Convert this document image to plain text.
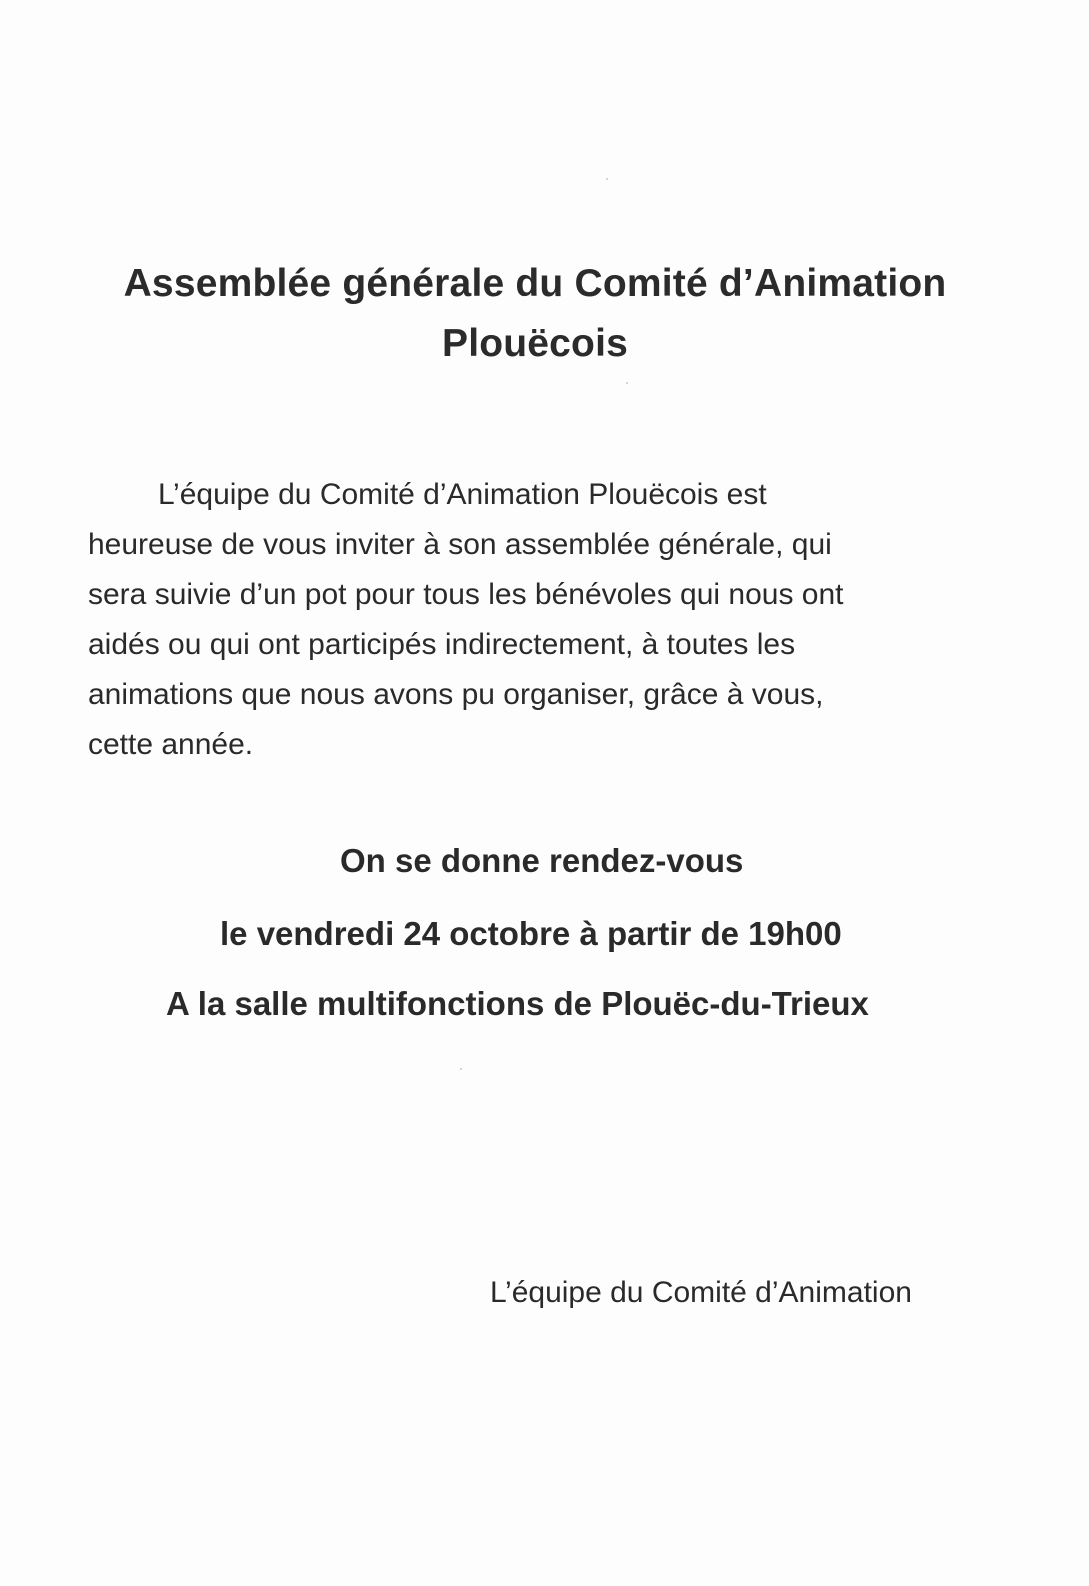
Assemblée générale du Comité d’Animation
Plouëcois
L’équipe du Comité d’Animation Plouëcois est
heureuse de vous inviter à son assemblée générale, qui
sera suivie d’un pot pour tous les bénévoles qui nous ont
aidés ou qui ont participés indirectement, à toutes les
animations que nous avons pu organiser, grâce à vous,
cette année.
On se donne rendez-vous
le vendredi 24 octobre à partir de 19h00
A la salle multifonctions de Plouëc-du-Trieux
L’équipe du Comité d’Animation
